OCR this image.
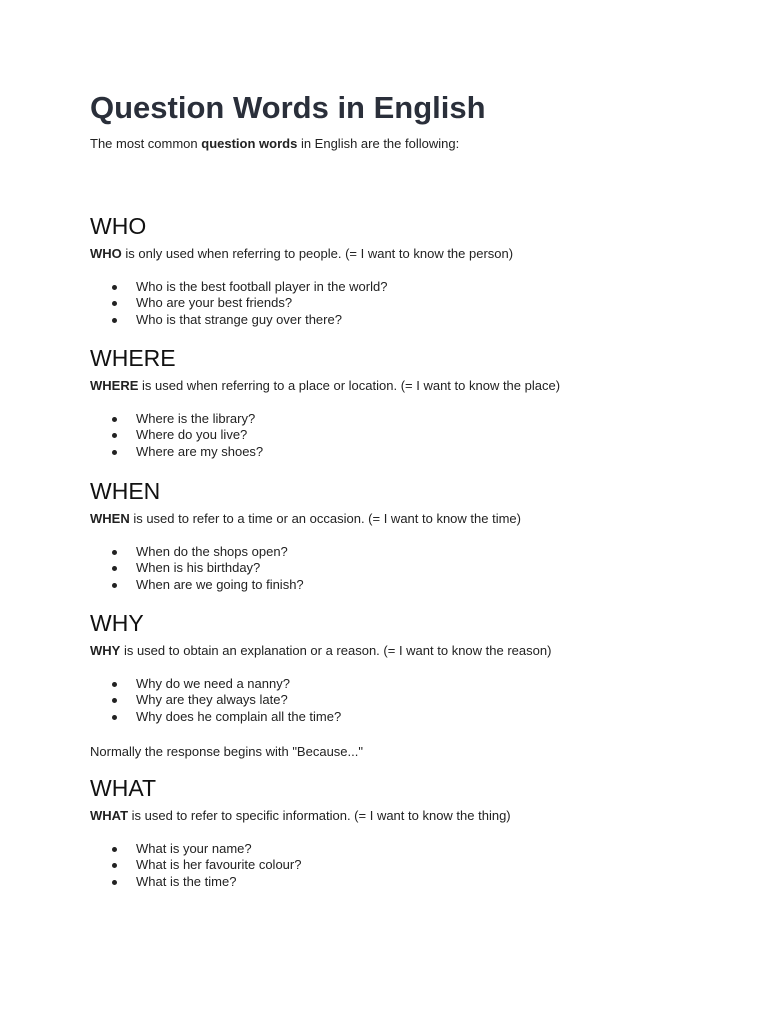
Question Words in English

The most common question words in English are the following:

WHO

WHO is only used when referring to people. (= I want to know the person)

Who is the best football player in the world?
Who are your best friends?
Who is that strange guy over there?
WHERE

WHERE is used when referring to a place or location. (= I want to know the place)

Where is the library?
Where do you live?
Where are my shoes?
WHEN

WHEN is used to refer to a time or an occasion. (= I want to know the time)

When do the shops open?
When is his birthday?
When are we going to finish?
WHY

WHY is used to obtain an explanation or a reason. (= I want to know the reason)

Why do we need a nanny?
Why are they always late?
Why does he complain all the time?

Normally the response begins with "Because..."

WHAT

WHAT is used to refer to specific information. (= I want to know the thing)

What is your name?
What is her favourite colour?
What is the time?
